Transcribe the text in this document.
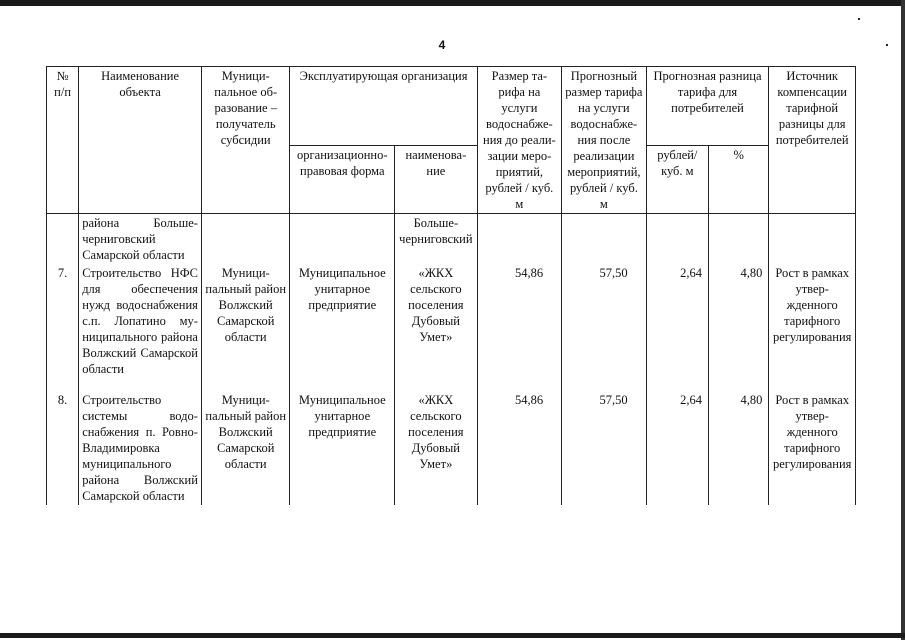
4
№ п/п	Наименование объекта	Муниципальное образование – получатель субсидии	Эксплуатирующая организация		Размер тарифа на услуги водоснабжения до реализации мероприятий, рублей / куб. м	Прогнозный размер тарифа на услуги водоснабжения после реализации мероприятий, рублей / куб. м	Прогнозная разница тарифа для потребителей		Источник компенсации тарифной разницы для потребителей
			организационно-правовая форма	наименование			рублей/ куб. м	%	
	района Большечерниговский Самарской области			Большечерниговский					
7.	Строительство НФС для обеспечения нужд водоснабжения с.п. Лопатино муниципального района Волжский Самарской области	Муниципальный район Волжский Самарской области	Муниципальное унитарное предприятие	«ЖКХ сельского поселения Дубовый Умет»	54,86	57,50	2,64	4,80	Рост в рамках утвержденного тарифного регулирования
8.	Строительство системы водоснабжения п. Ровно-Владимировка муниципального района Волжский Самарской области	Муниципальный район Волжский Самарской области	Муниципальное унитарное предприятие	«ЖКХ сельского поселения Дубовый Умет»	54,86	57,50	2,64	4,80	Рост в рамках утвержденного тарифного регулирования
